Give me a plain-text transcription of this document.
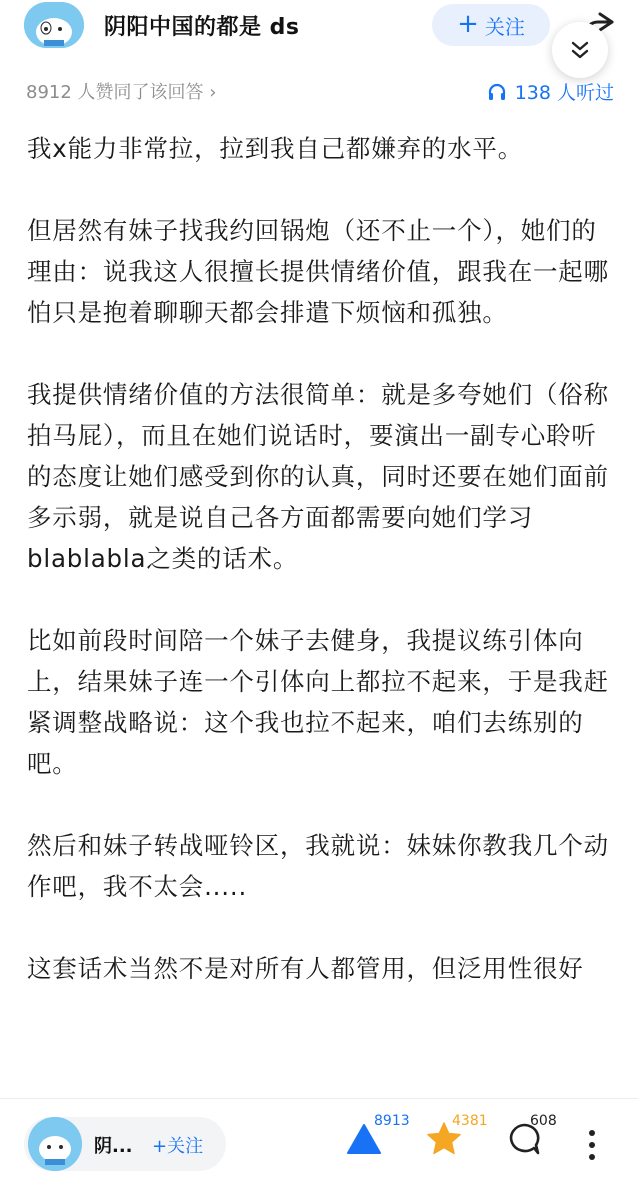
阴阳中国的都是 ds	+ 关注
8912 人赞同了该回答 ›	138 人听过

我x能力非常拉，拉到我自己都嫌弃的水平。

但居然有妹子找我约回锅炮（还不止一个），她们的理由：说我这人很擅长提供情绪价值，跟我在一起哪怕只是抱着聊聊天都会排遣下烦恼和孤独。

我提供情绪价值的方法很简单：就是多夸她们（俗称拍马屁），而且在她们说话时，要演出一副专心聆听的态度让她们感受到你的认真，同时还要在她们面前多示弱，就是说自己各方面都需要向她们学习blablabla之类的话术。

比如前段时间陪一个妹子去健身，我提议练引体向上，结果妹子连一个引体向上都拉不起来，于是我赶紧调整战略说：这个我也拉不起来，咱们去练别的吧。

然后和妹子转战哑铃区，我就说：妹妹你教我几个动作吧，我不太会.....

这套话术当然不是对所有人都管用，但泛用性很好

阴... +关注
8913	4381	608
